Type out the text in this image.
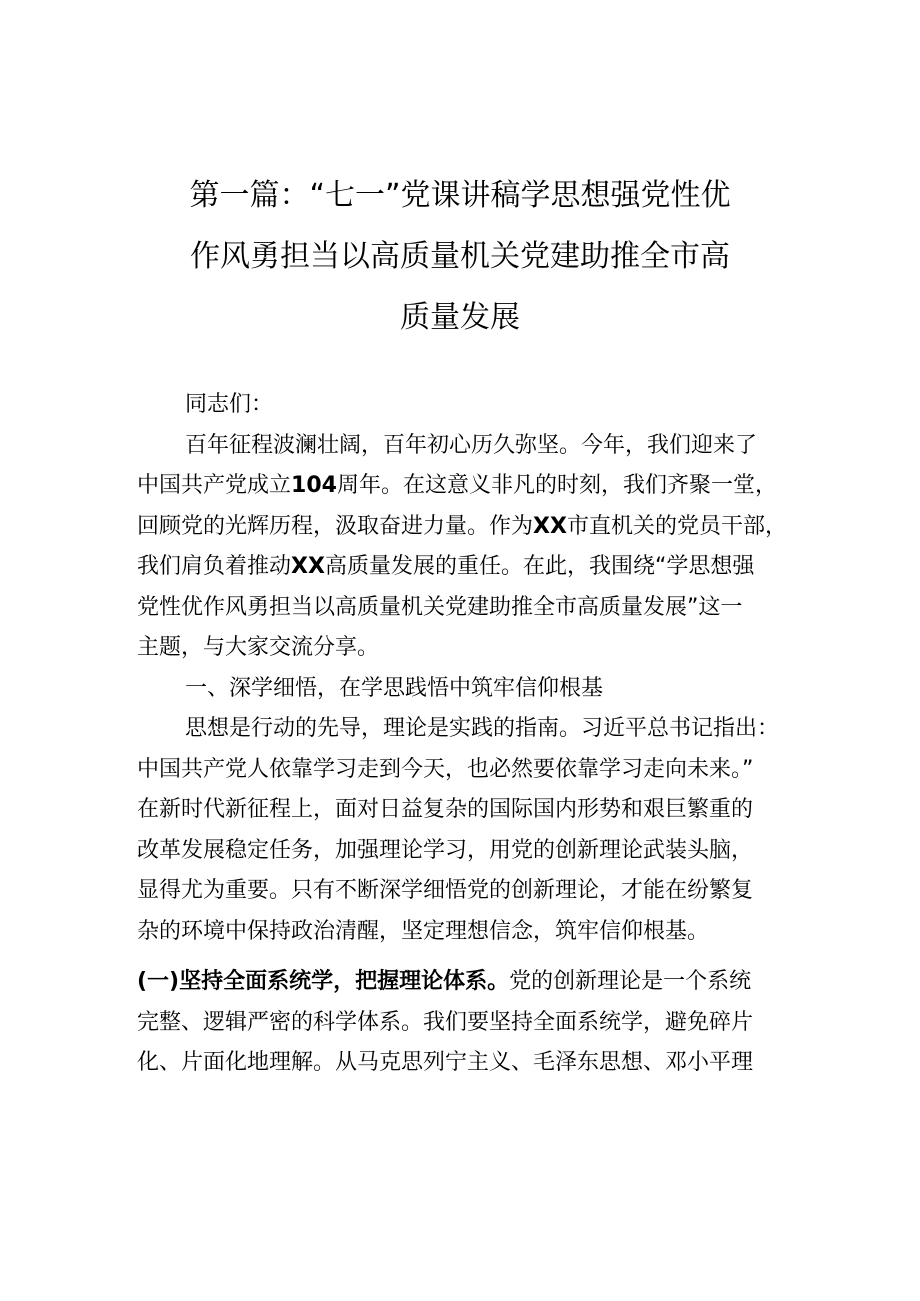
第一篇：“七一”党课讲稿学思想强党性优
作风勇担当以高质量机关党建助推全市高
质量发展

同志们：

百年征程波澜壮阔，百年初心历久弥坚。今年，我们迎来了

中国共产党成立104周年。在这意义非凡的时刻，我们齐聚一堂，

回顾党的光辉历程，汲取奋进力量。作为XX市直机关的党员干部，

我们肩负着推动XX高质量发展的重任。在此，我围绕“学思想强

党性优作风勇担当以高质量机关党建助推全市高质量发展”这一

主题，与大家交流分享。

一、深学细悟，在学思践悟中筑牢信仰根基

思想是行动的先导，理论是实践的指南。习近平总书记指出：

中国共产党人依靠学习走到今天，也必然要依靠学习走向未来。”

在新时代新征程上，面对日益复杂的国际国内形势和艰巨繁重的

改革发展稳定任务，加强理论学习，用党的创新理论武装头脑，

显得尤为重要。只有不断深学细悟党的创新理论，才能在纷繁复

杂的环境中保持政治清醒，坚定理想信念，筑牢信仰根基。

(一)坚持全面系统学，把握理论体系。党的创新理论是一个系统

完整、逻辑严密的科学体系。我们要坚持全面系统学，避免碎片

化、片面化地理解。从马克思列宁主义、毛泽东思想、邓小平理
